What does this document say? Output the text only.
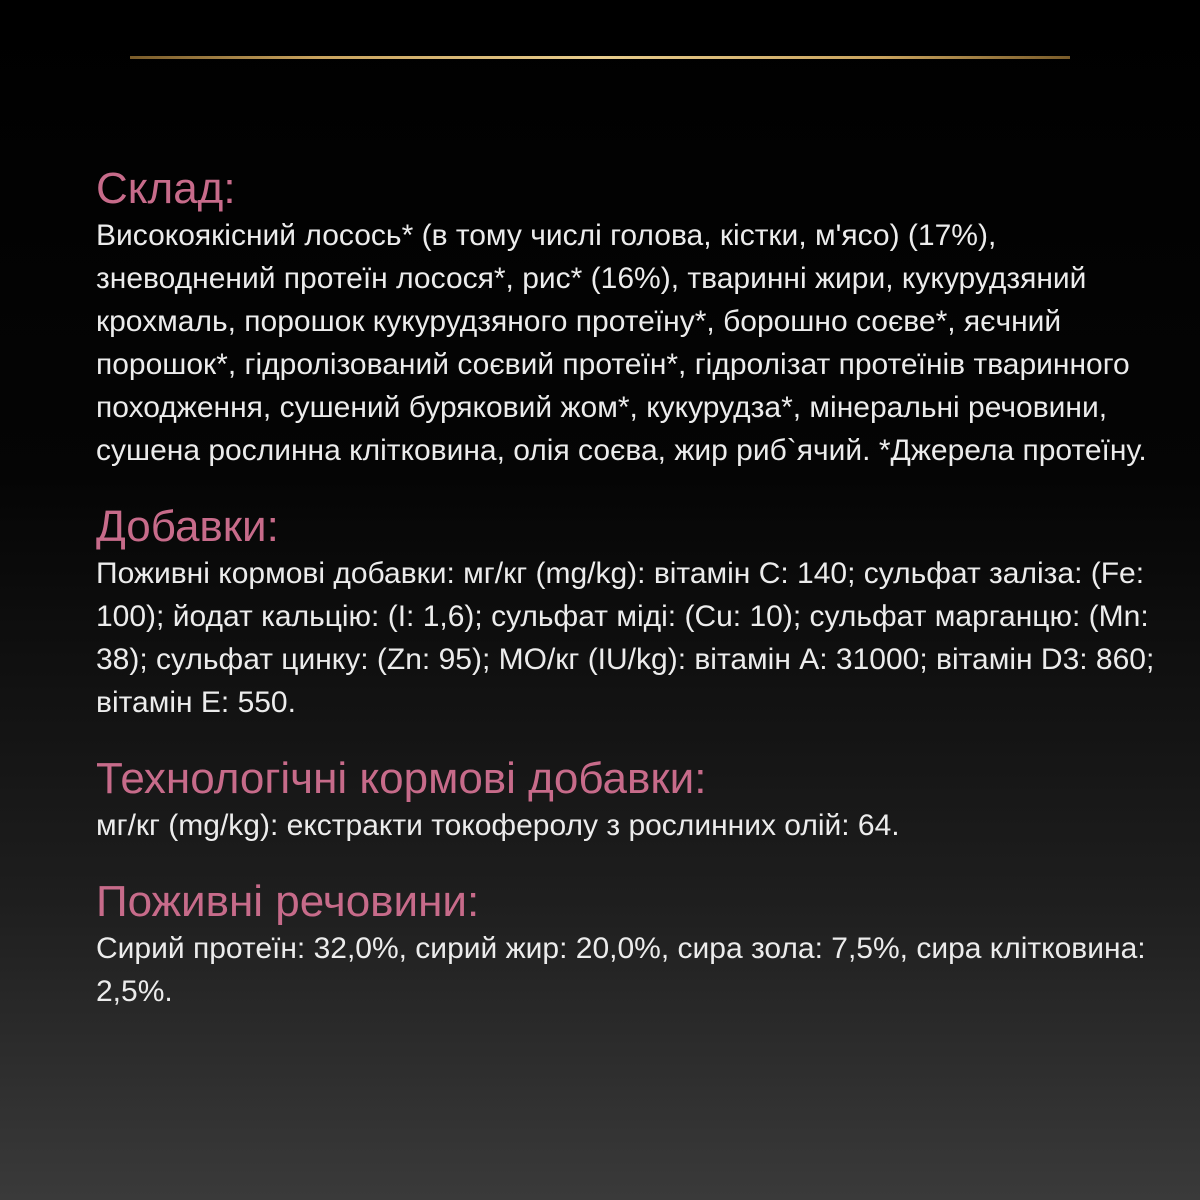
Склад:

Високоякісний лосось* (в тому числі голова, кістки, м'ясо) (17%), зневоднений протеїн лосося*, рис* (16%), тваринні жири, кукурудзяний крохмаль, порошок кукурудзяного протеїну*, борошно соєве*, яєчний порошок*, гідролізований соєвий протеїн*, гідролізат протеїнів тваринного походження, сушений буряковий жом*, кукурудза*, мінеральні речовини, сушена рослинна клітковина, олія соєва, жир риб`ячий. *Джерела протеїну.

Добавки:

Поживні кормові добавки: мг/кг (mg/kg): вітамін С: 140; сульфат заліза: (Fe: 100); йодат кальцію: (I: 1,6); сульфат міді: (Cu: 10); сульфат марганцю: (Mn: 38); сульфат цинку: (Zn: 95); МО/кг (IU/kg): вітамін А: 31000; вітамін D3: 860; вітамін Е: 550.

Технологічні кормові добавки:

мг/кг (mg/kg): екстракти токоферолу з рослинних олій: 64.

Поживні речовини:

Сирий протеїн: 32,0%, сирий жир: 20,0%, сира зола: 7,5%, сира клітковина: 2,5%.
